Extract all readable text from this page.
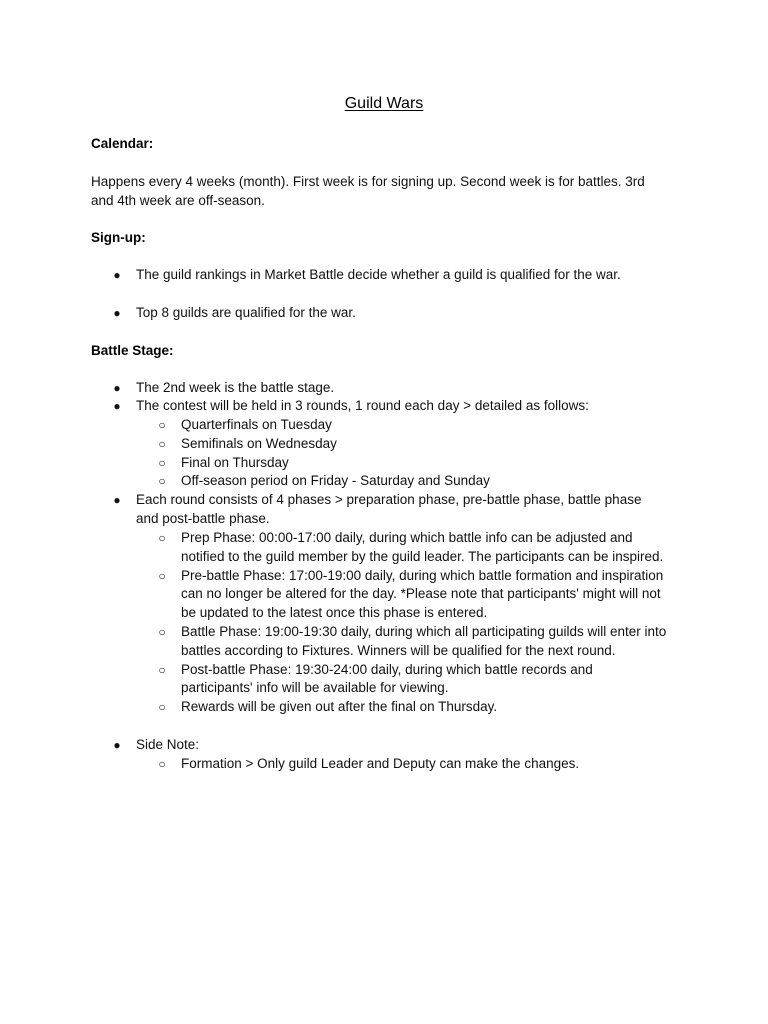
Guild Wars
Calendar:
Happens every 4 weeks (month). First week is for signing up. Second week is for battles. 3rd
and 4th week are off-season.
Sign-up:
● The guild rankings in Market Battle decide whether a guild is qualified for the war.
● Top 8 guilds are qualified for the war.
Battle Stage:
● The 2nd week is the battle stage.
● The contest will be held in 3 rounds, 1 round each day > detailed as follows:
○ Quarterfinals on Tuesday
○ Semifinals on Wednesday
○ Final on Thursday
○ Off-season period on Friday - Saturday and Sunday
● Each round consists of 4 phases > preparation phase, pre-battle phase, battle phase
and post-battle phase.
○ Prep Phase: 00:00-17:00 daily, during which battle info can be adjusted and
notified to the guild member by the guild leader. The participants can be inspired.
○ Pre-battle Phase: 17:00-19:00 daily, during which battle formation and inspiration
can no longer be altered for the day. *Please note that participants' might will not
be updated to the latest once this phase is entered.
○ Battle Phase: 19:00-19:30 daily, during which all participating guilds will enter into
battles according to Fixtures. Winners will be qualified for the next round.
○ Post-battle Phase: 19:30-24:00 daily, during which battle records and
participants' info will be available for viewing.
○ Rewards will be given out after the final on Thursday.
● Side Note:
○ Formation > Only guild Leader and Deputy can make the changes.
